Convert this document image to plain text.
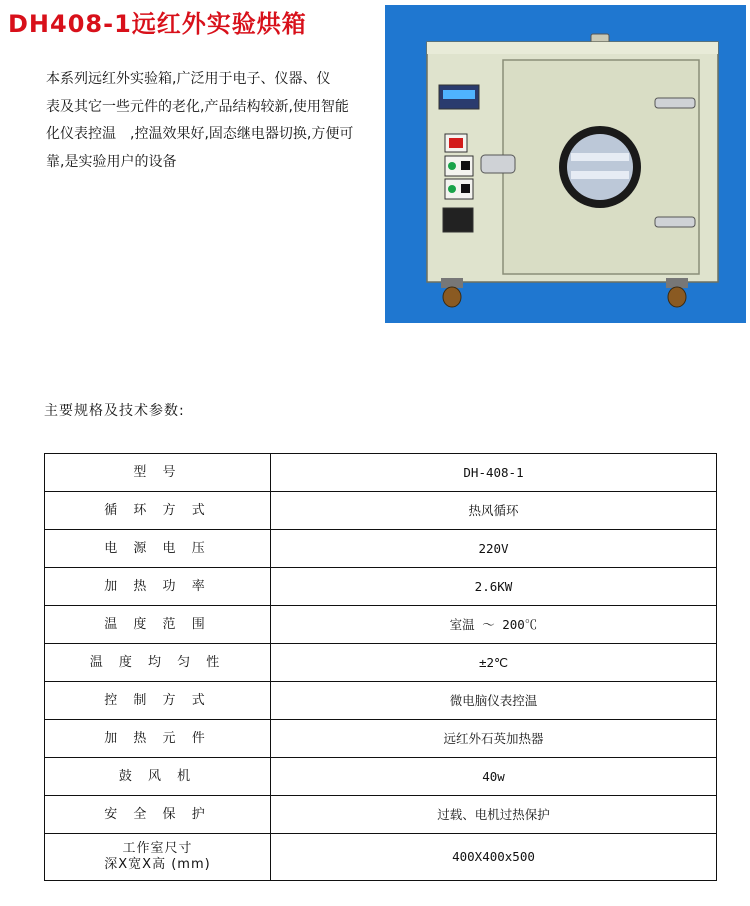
DH408-1远红外实验烘箱

本系列远红外实验箱,广泛用于电子、仪器、仪

表及其它一些元件的老化,产品结构较新,使用智能

化仪表控温　,控温效果好,固态继电器切换,方便可

靠,是实验用户的设备

主要规格及技术参数:
型 号	DH-408-1
循 环 方 式	热风循环
电 源 电 压	220V
加 热 功 率	2.6KW
温 度 范 围	室温 ～ 200℃
温 度 均 匀 性	±2℃
控 制 方 式	微电脑仪表控温
加 热 元 件	远红外石英加热器
鼓 风 机	40w
安 全 保 护	过载、电机过热保护

工作室尺寸
深X宽X高 (mm)	400X400x500
